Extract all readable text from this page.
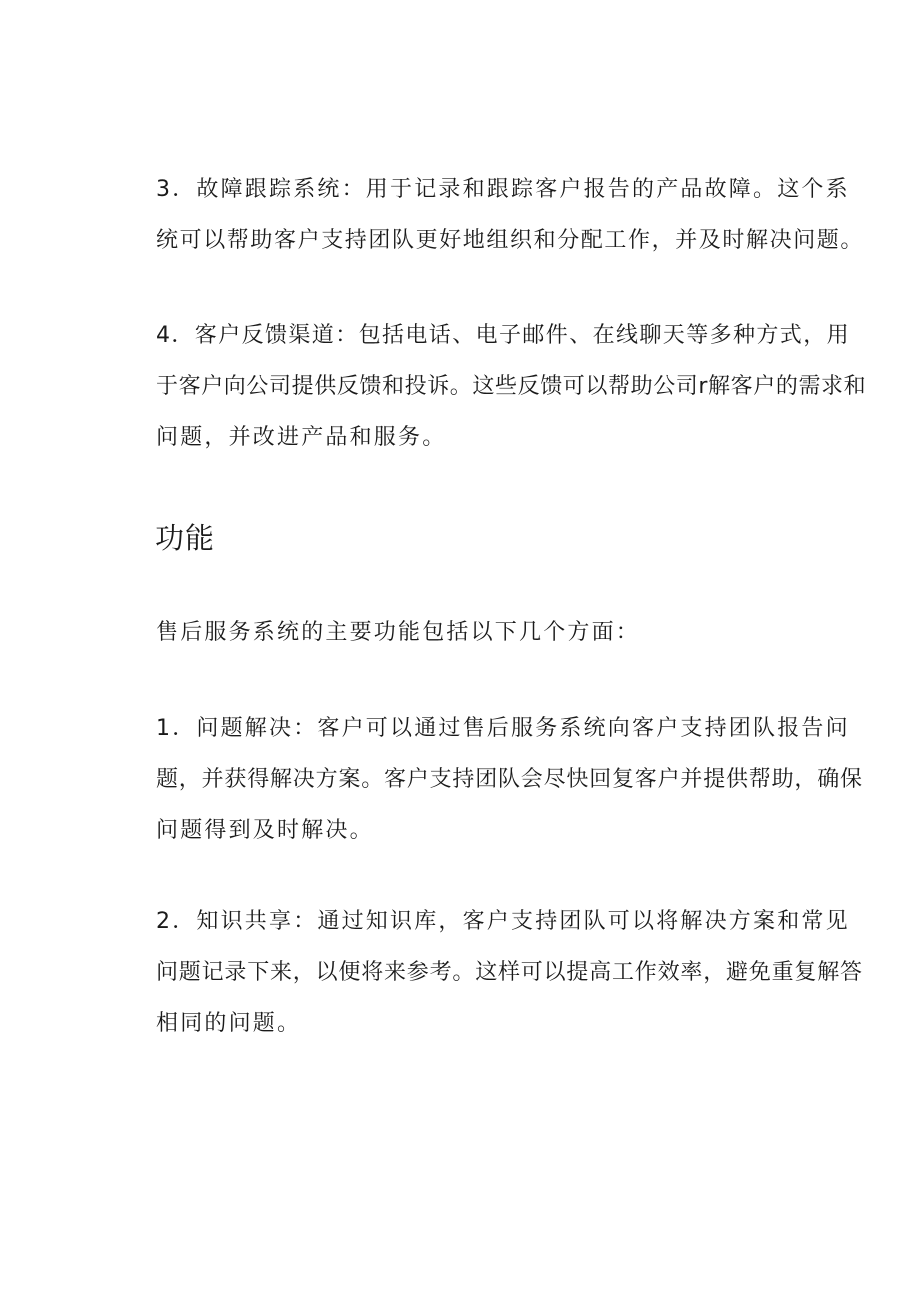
3．故障跟踪系统：用于记录和跟踪客户报告的产品故障。这个系
统可以帮助客户支持团队更好地组织和分配工作，并及时解决问题。

4．客户反馈渠道：包括电话、电子邮件、在线聊天等多种方式，用
于客户向公司提供反馈和投诉。这些反馈可以帮助公司r解客户的需求和
问题，并改进产品和服务。

功能

售后服务系统的主要功能包括以下几个方面：

1．问题解决：客户可以通过售后服务系统向客户支持团队报告问
题，并获得解决方案。客户支持团队会尽快回复客户并提供帮助，确保
问题得到及时解决。

2．知识共享：通过知识库，客户支持团队可以将解决方案和常见
问题记录下来，以便将来参考。这样可以提高工作效率，避免重复解答
相同的问题。
